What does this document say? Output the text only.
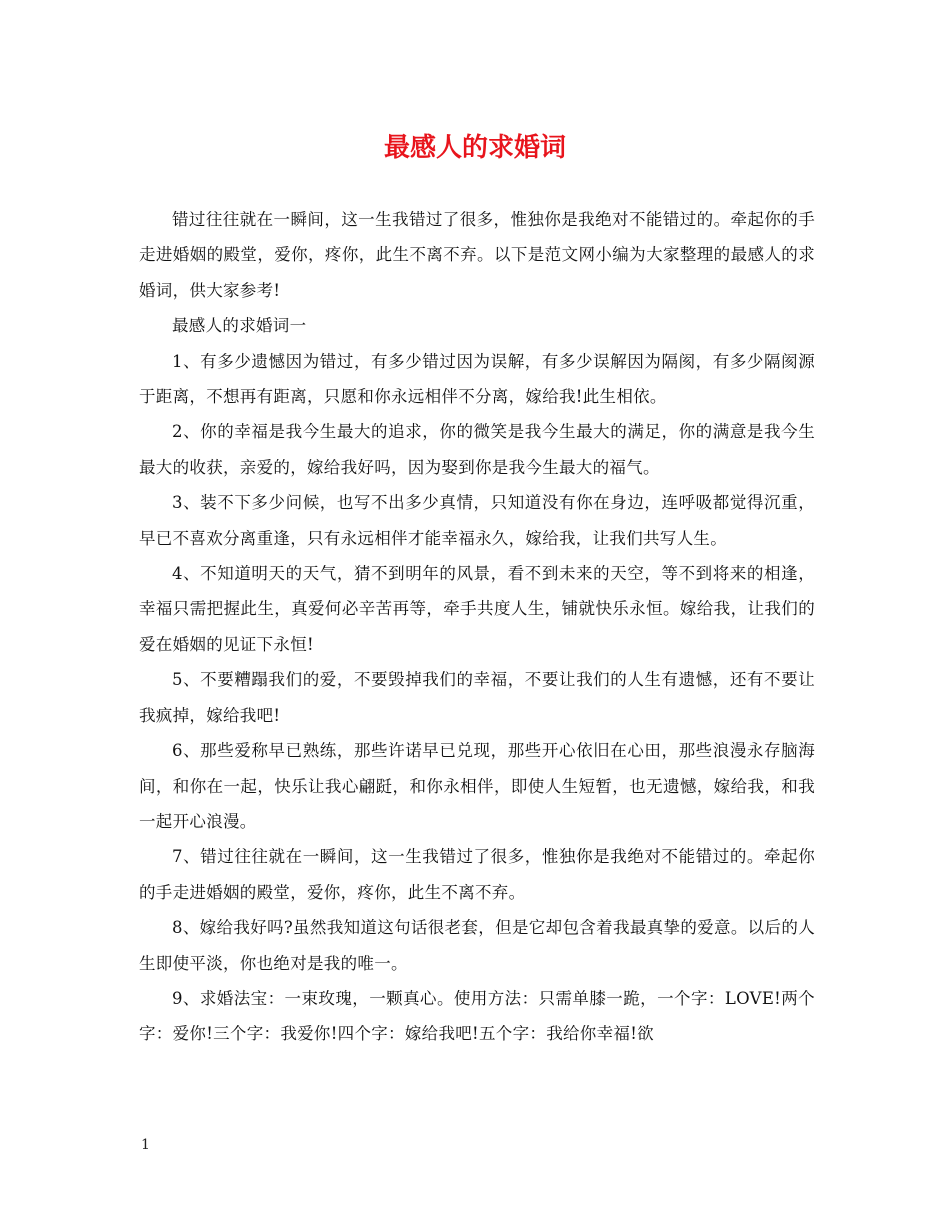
最感人的求婚词

错过往往就在一瞬间，这一生我错过了很多，惟独你是我绝对不能错过的。牵起你的手走进婚姻的殿堂，爱你，疼你，此生不离不弃。以下是范文网小编为大家整理的最感人的求婚词，供大家参考!

最感人的求婚词一

1、有多少遗憾因为错过，有多少错过因为误解，有多少误解因为隔阂，有多少隔阂源于距离，不想再有距离，只愿和你永远相伴不分离，嫁给我!此生相依。

2、你的幸福是我今生最大的追求，你的微笑是我今生最大的满足，你的满意是我今生最大的收获，亲爱的，嫁给我好吗，因为娶到你是我今生最大的福气。

3、装不下多少问候，也写不出多少真情，只知道没有你在身边，连呼吸都觉得沉重，早已不喜欢分离重逢，只有永远相伴才能幸福永久，嫁给我，让我们共写人生。

4、不知道明天的天气，猜不到明年的风景，看不到未来的天空，等不到将来的相逢，幸福只需把握此生，真爱何必辛苦再等，牵手共度人生，铺就快乐永恒。嫁给我，让我们的爱在婚姻的见证下永恒!

5、不要糟蹋我们的爱，不要毁掉我们的幸福，不要让我们的人生有遗憾，还有不要让我疯掉，嫁给我吧!

6、那些爱称早已熟练，那些许诺早已兑现，那些开心依旧在心田，那些浪漫永存脑海间，和你在一起，快乐让我心翩跹，和你永相伴，即使人生短暂，也无遗憾，嫁给我，和我一起开心浪漫。

7、错过往往就在一瞬间，这一生我错过了很多，惟独你是我绝对不能错过的。牵起你的手走进婚姻的殿堂，爱你，疼你，此生不离不弃。

8、嫁给我好吗?虽然我知道这句话很老套，但是它却包含着我最真挚的爱意。以后的人生即使平淡，你也绝对是我的唯一。

9、求婚法宝：一束玫瑰，一颗真心。使用方法：只需单膝一跪，一个字：LOVE!两个字：爱你!三个字：我爱你!四个字：嫁给我吧!五个字：我给你幸福!欲

1
